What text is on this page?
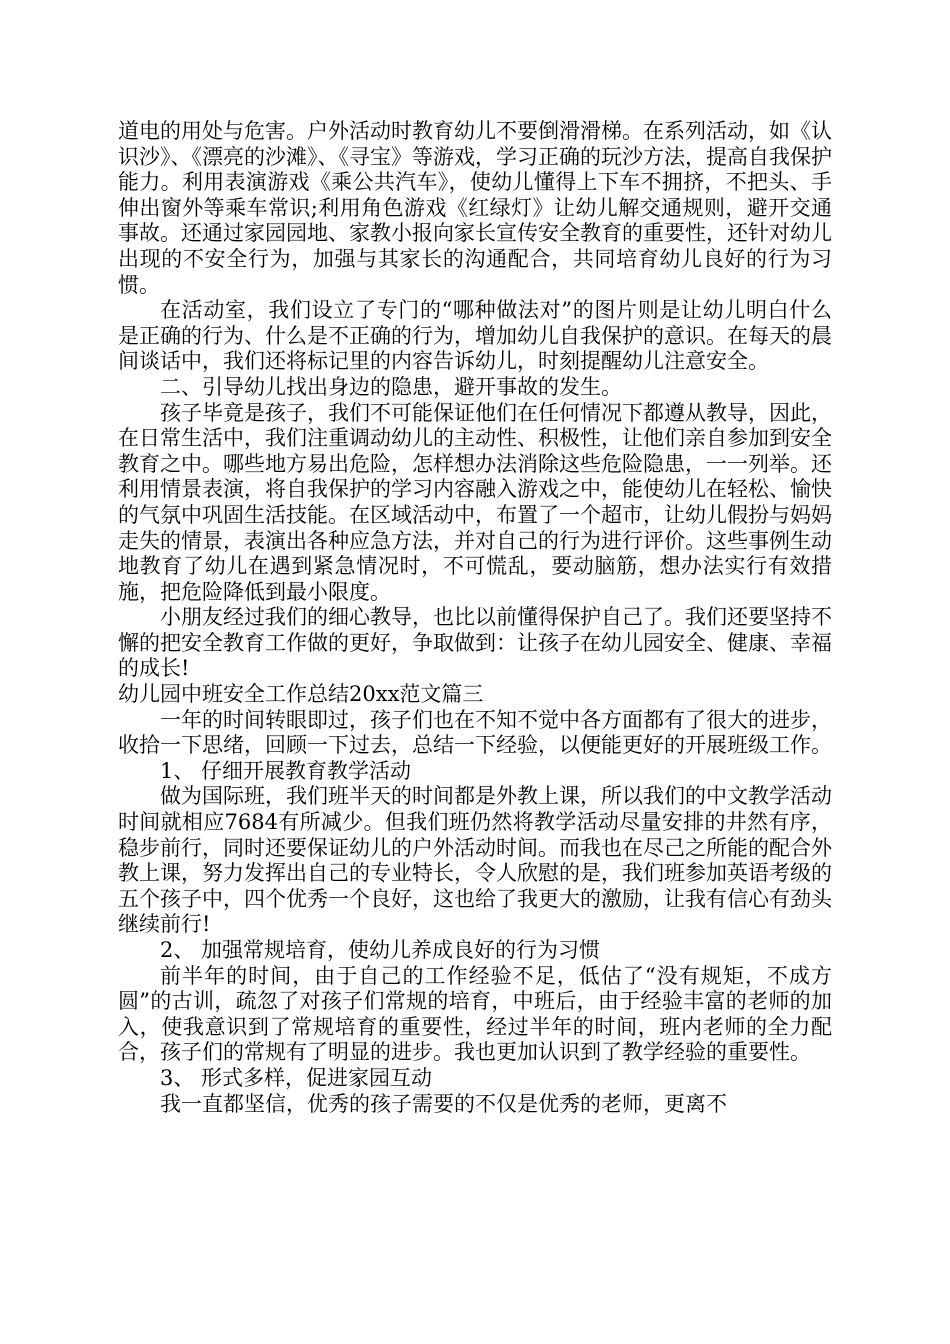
道电的用处与危害。户外活动时教育幼儿不要倒滑滑梯。在系列活动，如《认识沙》、《漂亮的沙滩》、《寻宝》等游戏，学习正确的玩沙方法，提高自我保护能力。利用表演游戏《乘公共汽车》，使幼儿懂得上下车不拥挤，不把头、手伸出窗外等乘车常识;利用角色游戏《红绿灯》让幼儿解交通规则，避开交通事故。还通过家园园地、家教小报向家长宣传安全教育的重要性，还针对幼儿出现的不安全行为，加强与其家长的沟通配合，共同培育幼儿良好的行为习惯。

在活动室，我们设立了专门的“哪种做法对”的图片则是让幼儿明白什么是正确的行为、什么是不正确的行为，增加幼儿自我保护的意识。在每天的晨间谈话中，我们还将标记里的内容告诉幼儿，时刻提醒幼儿注意安全。

二、引导幼儿找出身边的隐患，避开事故的发生。

孩子毕竟是孩子，我们不可能保证他们在任何情况下都遵从教导，因此，在日常生活中，我们注重调动幼儿的主动性、积极性，让他们亲自参加到安全教育之中。哪些地方易出危险，怎样想办法消除这些危险隐患，一一列举。还利用情景表演，将自我保护的学习内容融入游戏之中，能使幼儿在轻松、愉快的气氛中巩固生活技能。在区域活动中，布置了一个超市，让幼儿假扮与妈妈走失的情景，表演出各种应急方法，并对自己的行为进行评价。这些事例生动地教育了幼儿在遇到紧急情况时，不可慌乱，要动脑筋，想办法实行有效措施，把危险降低到最小限度。

小朋友经过我们的细心教导，也比以前懂得保护自己了。我们还要坚持不懈的把安全教育工作做的更好，争取做到：让孩子在幼儿园安全、健康、幸福的成长!

幼儿园中班安全工作总结20xx范文篇三

一年的时间转眼即过，孩子们也在不知不觉中各方面都有了很大的进步，收拾一下思绪，回顾一下过去，总结一下经验，以便能更好的开展班级工作。

1、 仔细开展教育教学活动

做为国际班，我们班半天的时间都是外教上课，所以我们的中文教学活动时间就相应7684有所减少。但我们班仍然将教学活动尽量安排的井然有序，稳步前行，同时还要保证幼儿的户外活动时间。而我也在尽己之所能的配合外教上课，努力发挥出自己的专业特长，令人欣慰的是，我们班参加英语考级的五个孩子中，四个优秀一个良好，这也给了我更大的激励，让我有信心有劲头继续前行!

2、 加强常规培育，使幼儿养成良好的行为习惯

前半年的时间，由于自己的工作经验不足，低估了“没有规矩，不成方圆”的古训，疏忽了对孩子们常规的培育，中班后，由于经验丰富的老师的加入，使我意识到了常规培育的重要性，经过半年的时间，班内老师的全力配合，孩子们的常规有了明显的进步。我也更加认识到了教学经验的重要性。

3、 形式多样，促进家园互动

我一直都坚信，优秀的孩子需要的不仅是优秀的老师，更离不
